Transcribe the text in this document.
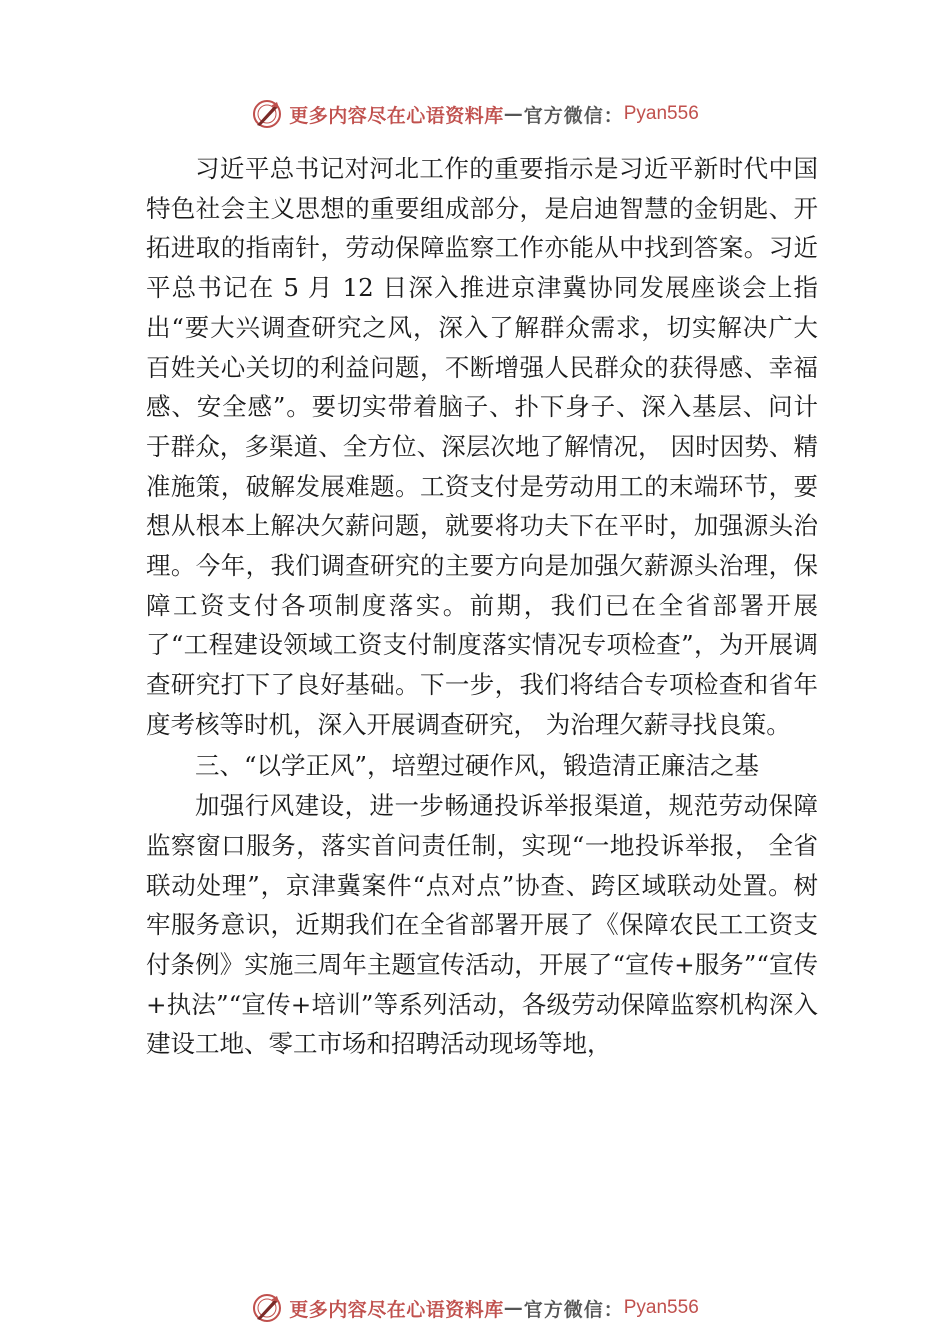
更多内容尽在心语资料库 — 官方微信： Pyan556

习近平总书记对河北工作的重要指示是习近平新时代中国特色社会主义思想的重要组成部分，是启迪智慧的金钥匙、开拓进取的指南针，劳动保障监察工作亦能从中找到答案。习近平总书记在 5 月 12 日深入推进京津冀协同发展座谈会上指出“要大兴调查研究之风，深入了解群众需求，切实解决广大百姓关心关切的利益问题，不断增强人民群众的获得感、幸福感、安全感”。要切实带着脑子、扑下身子、深入基层、问计于群众，多渠道、全方位、深层次地了解情况， 因时因势、精准施策，破解发展难题。工资支付是劳动用工的末端环节，要想从根本上解决欠薪问题，就要将功夫下在平时，加强源头治理。今年，我们调查研究的主要方向是加强欠薪源头治理，保障工资支付各项制度落实。前期，我们已在全省部署开展了“工程建设领域工资支付制度落实情况专项检查”，为开展调查研究打下了良好基础。下一步，我们将结合专项检查和省年度考核等时机，深入开展调查研究， 为治理欠薪寻找良策。

三、“以学正风”，培塑过硬作风，锻造清正廉洁之基

加强行风建设，进一步畅通投诉举报渠道，规范劳动保障监察窗口服务，落实首问责任制，实现“一地投诉举报， 全省联动处理”，京津冀案件“点对点”协查、跨区域联动处置。树牢服务意识，近期我们在全省部署开展了《保障农民工工资支付条例》实施三周年主题宣传活动，开展了“宣传+服务”“宣传+执法”“宣传+培训”等系列活动，各级劳动保障监察机构深入建设工地、零工市场和招聘活动现场等地，

更多内容尽在心语资料库 — 官方微信： Pyan556
